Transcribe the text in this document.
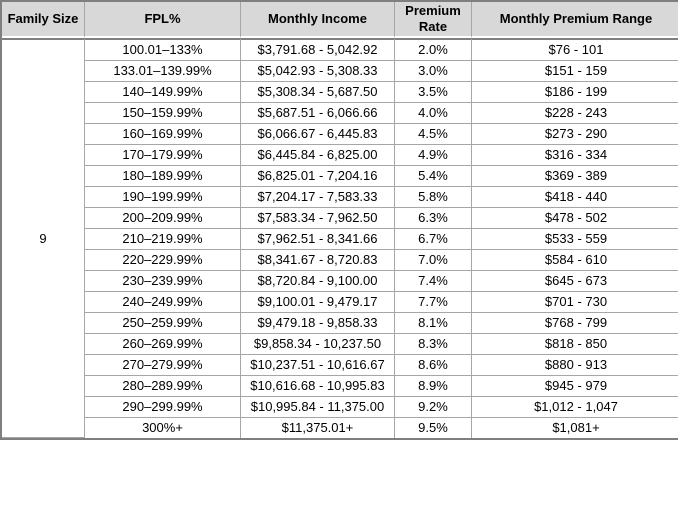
Family Size	FPL%	Monthly Income	Premium Rate	Monthly Premium Range
9	100.01–133%	$3,791.68 - 5,042.92	2.0%	$76 - 101
	133.01–139.99%	$5,042.93 - 5,308.33	3.0%	$151 - 159
	140–149.99%	$5,308.34 - 5,687.50	3.5%	$186 - 199
	150–159.99%	$5,687.51 - 6,066.66	4.0%	$228 - 243
	160–169.99%	$6,066.67 - 6,445.83	4.5%	$273 - 290
	170–179.99%	$6,445.84 - 6,825.00	4.9%	$316 - 334
	180–189.99%	$6,825.01 - 7,204.16	5.4%	$369 - 389
	190–199.99%	$7,204.17 - 7,583.33	5.8%	$418 - 440
	200–209.99%	$7,583.34 - 7,962.50	6.3%	$478 - 502
	210–219.99%	$7,962.51 - 8,341.66	6.7%	$533 - 559
	220–229.99%	$8,341.67 - 8,720.83	7.0%	$584 - 610
	230–239.99%	$8,720.84 - 9,100.00	7.4%	$645 - 673
	240–249.99%	$9,100.01 - 9,479.17	7.7%	$701 - 730
	250–259.99%	$9,479.18 - 9,858.33	8.1%	$768 - 799
	260–269.99%	$9,858.34 - 10,237.50	8.3%	$818 - 850
	270–279.99%	$10,237.51 - 10,616.67	8.6%	$880 - 913
	280–289.99%	$10,616.68 - 10,995.83	8.9%	$945 - 979
	290–299.99%	$10,995.84 - 11,375.00	9.2%	$1,012 - 1,047
	300%+	$11,375.01+	9.5%	$1,081+
